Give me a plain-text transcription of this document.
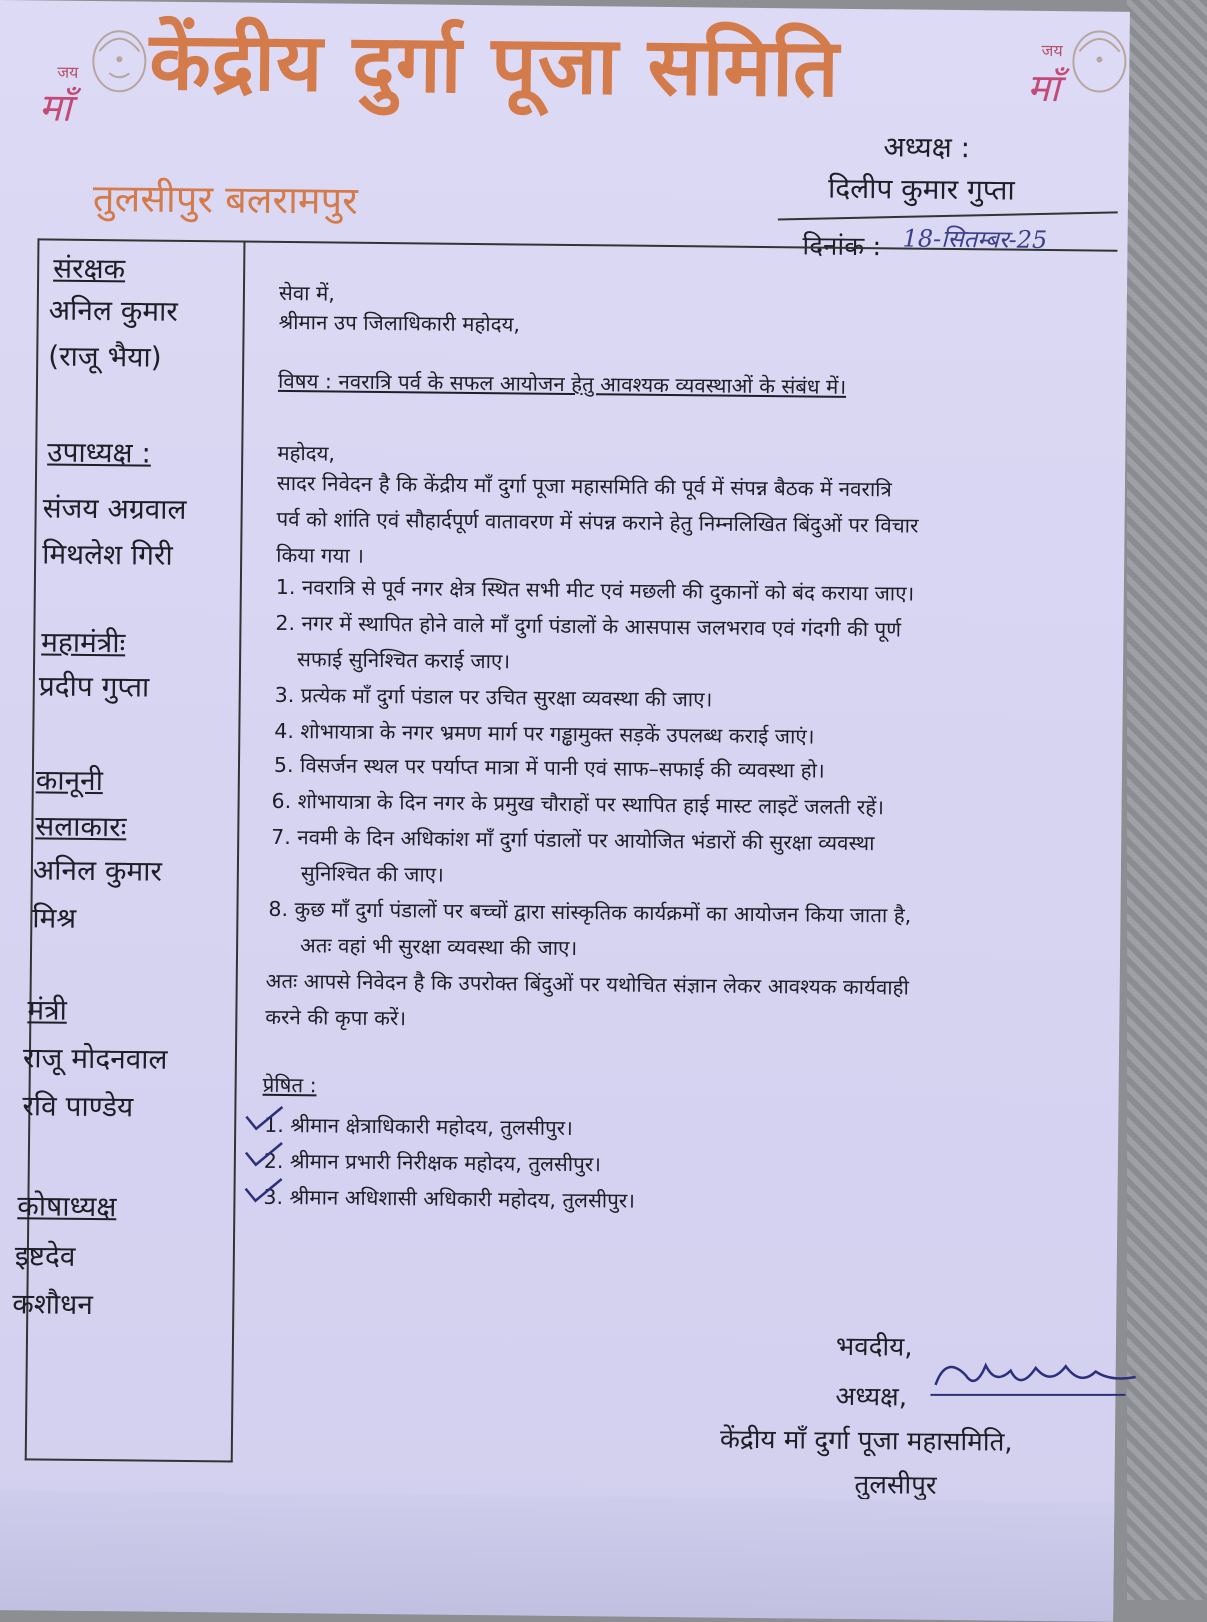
जय
माँ
जय
माँ
कें‍द्रीय दुर्गा पूजा समिति
तुलसीपुर बलरामपुर
अध्यक्ष :
दिलीप कुमार गुप्ता
18-सितम्बर-25
संरक्षक
अनिल कुमार
(राजू भैया)
उपाध्यक्ष :
संजय अग्रवाल
मिथलेश गिरी
महामंत्रीः
प्रदीप गुप्ता
कानूनी
सलाकारः
अनिल कुमार
मिश्र
मंत्री
राजू मोदनवाल
रवि पाण्डेय
कोषाध्यक्ष
इष्टदेव
कशौधन
सेवा में,
श्रीमान उप जिलाधिकारी महोदय,
विषय : नवरात्रि पर्व के सफल आयोजन हेतु आवश्यक व्यवस्थाओं के संबंध में।
महोदय,
सादर निवेदन है कि केंद्रीय माँ दुर्गा पूजा महासमिति की पूर्व में संपन्न बैठक में नवरात्रि
पर्व को शांति एवं सौहार्दपूर्ण वातावरण में संपन्न कराने हेतु निम्नलिखित बिंदुओं पर विचार
किया गया ।
1. नवरात्रि से पूर्व नगर क्षेत्र स्थित सभी मीट एवं मछली की दुकानों को बंद कराया जाए।
2. नगर में स्थापित होने वाले माँ दुर्गा पंडालों के आसपास जलभराव एवं गंदगी की पूर्ण
सफाई सुनिश्चित कराई जाए।
3. प्रत्येक माँ दुर्गा पंडाल पर उचित सुरक्षा व्यवस्था की जाए।
4. शोभायात्रा के नगर भ्रमण मार्ग पर गड्ढामुक्त सड़कें उपलब्ध कराई जाएं।
5. विसर्जन स्थल पर पर्याप्त मात्रा में पानी एवं साफ–सफाई की व्यवस्था हो।
6. शोभायात्रा के दिन नगर के प्रमुख चौराहों पर स्थापित हाई मास्ट लाइटें जलती रहें।
7. नवमी के दिन अधिकांश माँ दुर्गा पंडालों पर आयोजित भंडारों की सुरक्षा व्यवस्था
सुनिश्चित की जाए।
8. कुछ माँ दुर्गा पंडालों पर बच्चों द्वारा सांस्कृतिक कार्यक्रमों का आयोजन किया जाता है,
अतः वहां भी सुरक्षा व्यवस्था की जाए।
अतः आपसे निवेदन है कि उपरोक्त बिंदुओं पर यथोचित संज्ञान लेकर आवश्यक कार्यवाही
करने की कृपा करें।
प्रेषित :
1. श्रीमान क्षेत्राधिकारी महोदय, तुलसीपुर।
2. श्रीमान प्रभारी निरीक्षक महोदय, तुलसीपुर।
3. श्रीमान अधिशासी अधिकारी महोदय, तुलसीपुर।
भवदीय,
अध्यक्ष,
केंद्रीय माँ दुर्गा पूजा महासमिति,
तुलसीपुर
